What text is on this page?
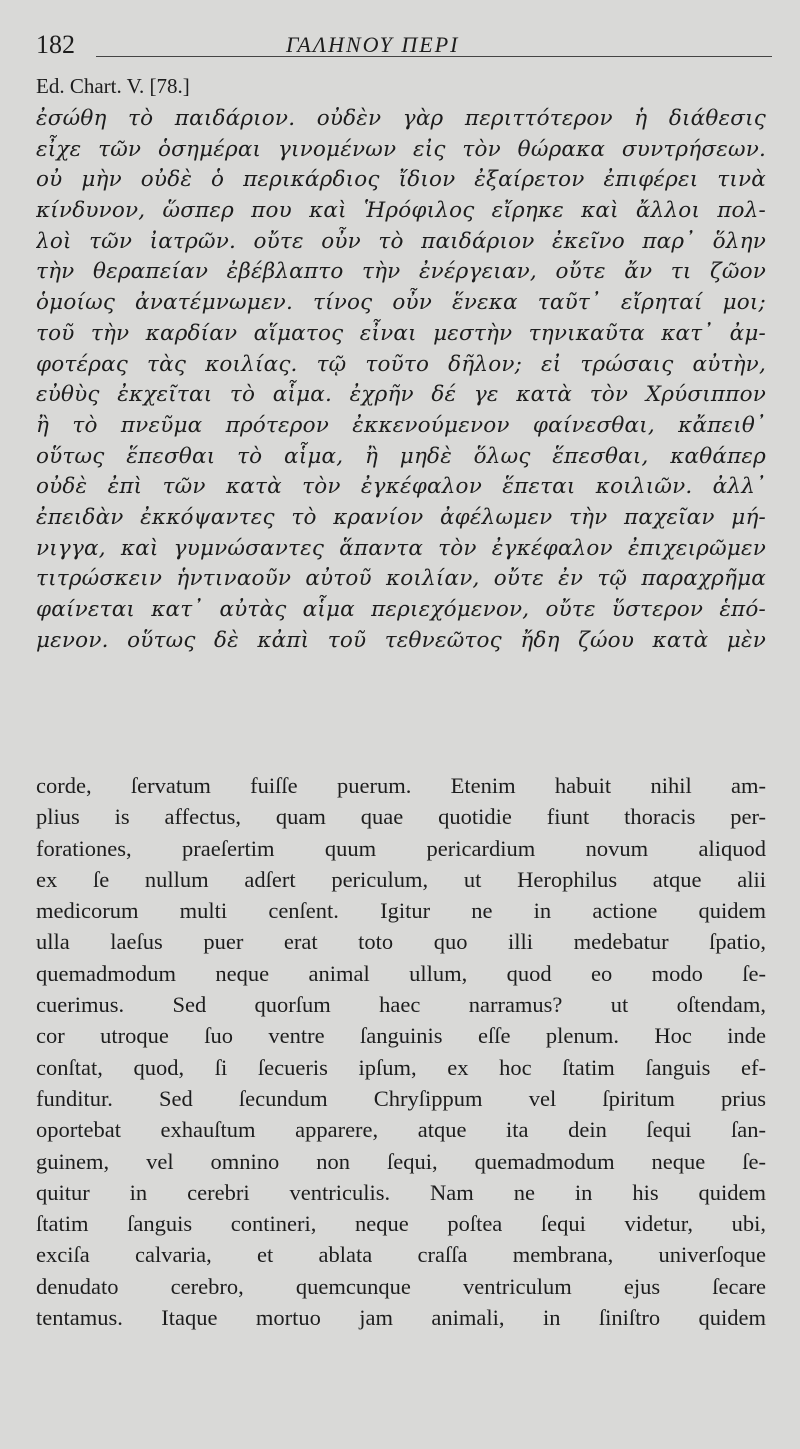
182	ΓΑΛΗΝΟΥ ΠΕΡΙ
Ed. Chart. V. [78.]
ἐσώθη τὸ παιδάριον. οὐδὲν γὰρ περιττότερον ἡ διάθεσις
εἶχε τῶν ὁσημέραι γινομένων εἰς τὸν θώρακα συντρήσεων.
οὐ μὴν οὐδὲ ὁ περικάρδιος ἴδιον ἐξαίρετον ἐπιφέρει τινὰ
κίνδυνον, ὥσπερ που καὶ Ἡρόφιλος εἴρηκε καὶ ἄλλοι πολ-
λοὶ τῶν ἰατρῶν. οὔτε οὖν τὸ παιδάριον ἐκεῖνο παρ᾽ ὅλην
τὴν θεραπείαν ἐβέβλαπτο τὴν ἐνέργειαν, οὔτε ἄν τι ζῶον
ὁμοίως ἀνατέμνωμεν. τίνος οὖν ἕνεκα ταῦτ᾽ εἴρηταί μοι;
τοῦ τὴν καρδίαν αἵματος εἶναι μεστὴν τηνικαῦτα κατ᾽ ἀμ-
φοτέρας τὰς κοιλίας. τῷ τοῦτο δῆλον; εἰ τρώσαις αὐτὴν,
εὐθὺς ἐκχεῖται τὸ αἷμα. ἐχρῆν δέ γε κατὰ τὸν Χρύσιππον
ἢ τὸ πνεῦμα πρότερον ἐκκενούμενον φαίνεσθαι, κἄπειθ᾽
οὕτως ἕπεσθαι τὸ αἷμα, ἢ μηδὲ ὅλως ἕπεσθαι, καθάπερ
οὐδὲ ἐπὶ τῶν κατὰ τὸν ἐγκέφαλον ἕπεται κοιλιῶν. ἀλλ᾽
ἐπειδὰν ἐκκόψαντες τὸ κρανίον ἀφέλωμεν τὴν παχεῖαν μή-
νιγγα, καὶ γυμνώσαντες ἅπαντα τὸν ἐγκέφαλον ἐπιχειρῶμεν
τιτρώσκειν ἡντιναοῦν αὐτοῦ κοιλίαν, οὔτε ἐν τῷ παραχρῆμα
φαίνεται κατ᾽ αὐτὰς αἷμα περιεχόμενον, οὔτε ὕστερον ἑπό-
μενον. οὕτως δὲ κἀπὶ τοῦ τεθνεῶτος ἤδη ζώου κατὰ μὲν
corde, ſervatum fuiſſe puerum. Etenim habuit nihil am-
plius is affectus, quam quae quotidie fiunt thoracis per-
forationes, praeſertim quum pericardium novum aliquod
ex ſe nullum adſert periculum, ut Herophilus atque alii
medicorum multi cenſent. Igitur ne in actione quidem
ulla laeſus puer erat toto quo illi medebatur ſpatio,
quemadmodum neque animal ullum, quod eo modo ſe-
cuerimus. Sed quorſum haec narramus? ut oſtendam,
cor utroque ſuo ventre ſanguinis eſſe plenum. Hoc inde
conſtat, quod, ſi ſecueris ipſum, ex hoc ſtatim ſanguis ef-
funditur. Sed ſecundum Chryſippum vel ſpiritum prius
oportebat exhauſtum apparere, atque ita dein ſequi ſan-
guinem, vel omnino non ſequi, quemadmodum neque ſe-
quitur in cerebri ventriculis. Nam ne in his quidem
ſtatim ſanguis contineri, neque poſtea ſequi videtur, ubi,
exciſa calvaria, et ablata craſſa membrana, univerſoque
denudato cerebro, quemcunque ventriculum ejus ſecare
tentamus. Itaque mortuo jam animali, in ſiniſtro quidem
